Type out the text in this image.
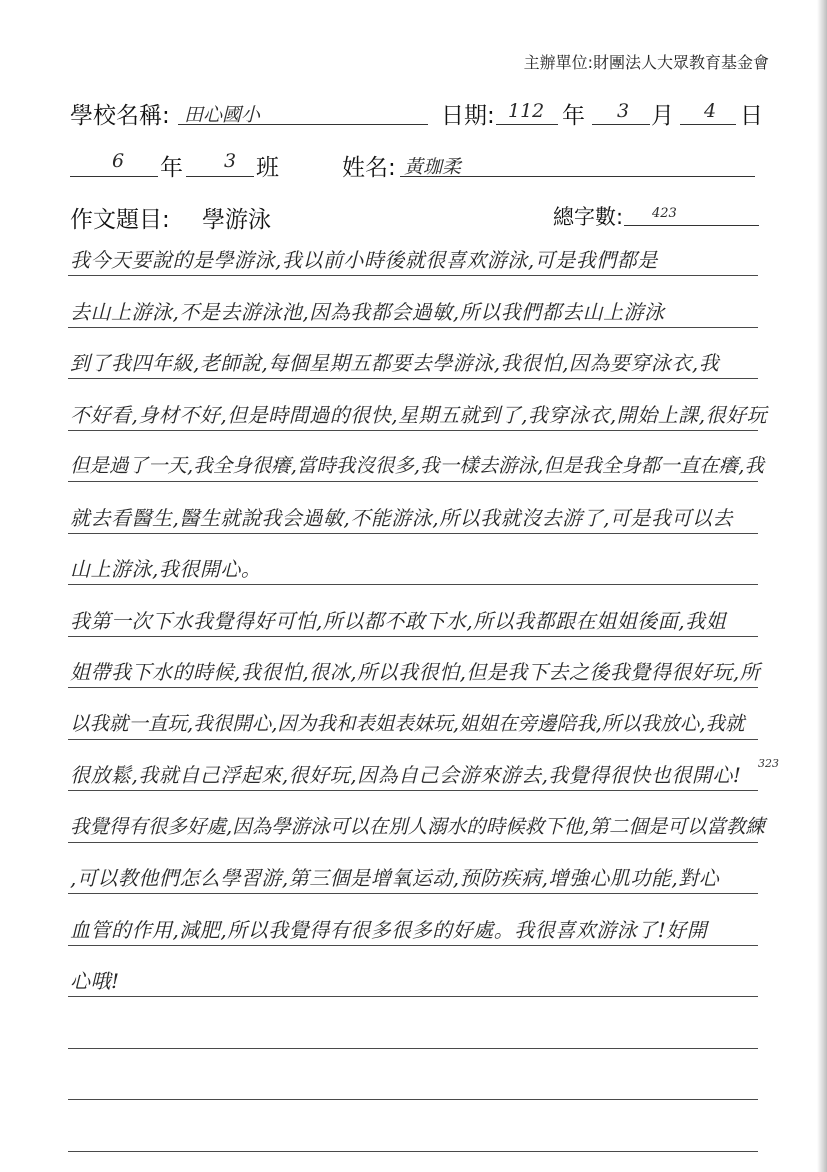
主辦單位:財團法人大眾教育基金會
學校名稱: 田心國小	日期: 112 年 3 月 4 日
6 年 3 班	姓名: 黃珈柔
作文題目: 學游泳	總字數: 423
我今天要說的是學游泳,我以前小時後就很喜欢游泳,可是我們都是
去山上游泳,不是去游泳池,因為我都会過敏,所以我們都去山上游泳
到了我四年級,老師說,每個星期五都要去學游泳,我很怕,因為要穿泳衣,我
不好看,身材不好,但是時間過的很快,星期五就到了,我穿泳衣,開始上課,很好玩
但是過了一天,我全身很癢,當時我沒很多,我一樣去游泳,但是我全身都一直在癢,我
就去看醫生,醫生就說我会過敏,不能游泳,所以我就沒去游了,可是我可以去
山上游泳,我很開心。
我第一次下水我覺得好可怕,所以都不敢下水,所以我都跟在姐姐後面,我姐
姐帶我下水的時候,我很怕,很冰,所以我很怕,但是我下去之後我覺得很好玩,所
以我就一直玩,我很開心,因为我和表姐表妹玩,姐姐在旁邊陪我,所以我放心,我就
很放鬆,我就自己浮起來,很好玩,因為自己会游來游去,我覺得很快也很開心!
我覺得有很多好處,因為學游泳可以在別人溺水的時候救下他,第二個是可以當教練
,可以教他們怎么學習游,第三個是增氧运动,预防疾病,增強心肌功能,對心
血管的作用,減肥,所以我覺得有很多很多的好處。我很喜欢游泳了!好開
心哦!
323
